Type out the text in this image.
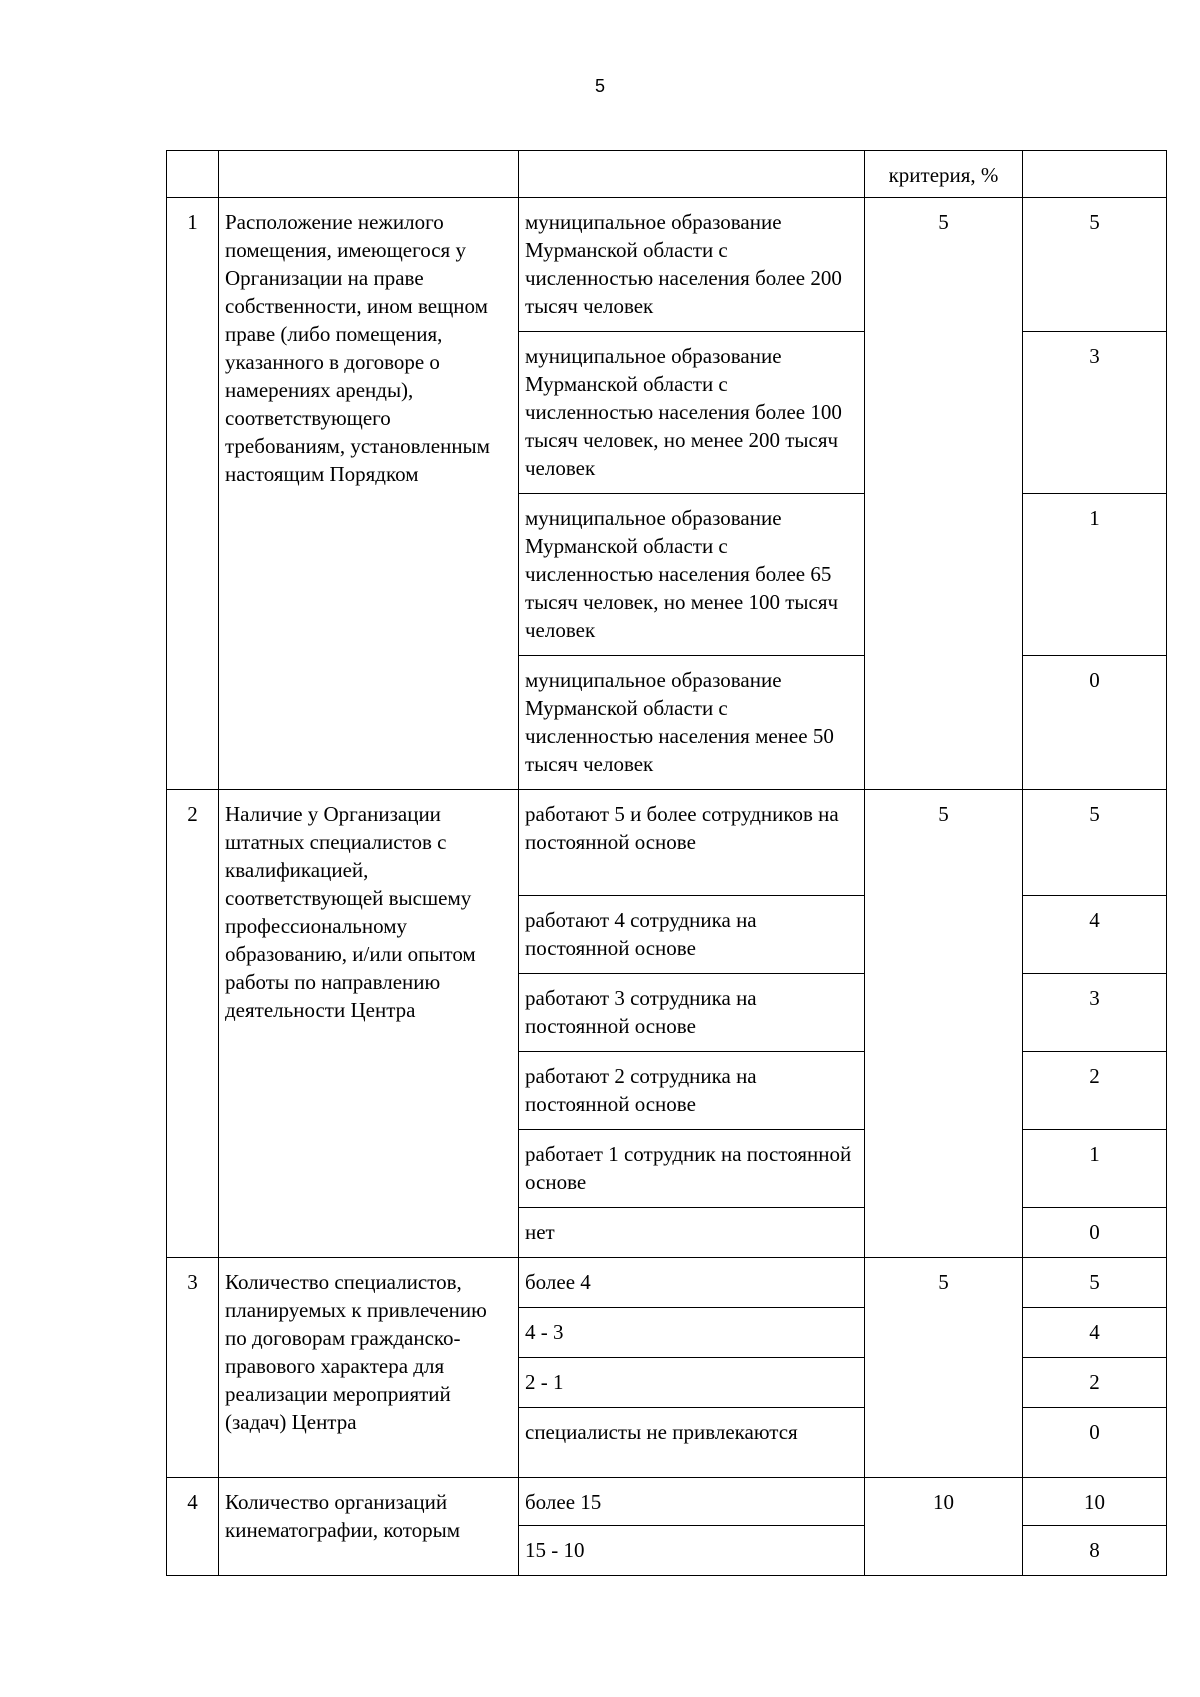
5
			критерия, %	
1	Расположение нежилого помещения, имеющегося у Организации на праве собственности, ином вещном праве (либо помещения, указанного в договоре о намерениях аренды), соответствующего требованиям, установленным настоящим Порядком	муниципальное образование Мурманской области с численностью населения более 200 тысяч человек	5	5
		муниципальное образование Мурманской области с численностью населения более 100 тысяч человек, но менее 200 тысяч человек		3
		муниципальное образование Мурманской области с численностью населения более 65 тысяч человек, но менее 100 тысяч человек		1
		муниципальное образование Мурманской области с численностью населения менее 50 тысяч человек		0
2	Наличие у Организации штатных специалистов с квалификацией, соответствующей высшему профессиональному образованию, и/или опытом работы по направлению деятельности Центра	работают 5 и более сотрудников на постоянной основе	5	5
		работают 4 сотрудника на постоянной основе		4
		работают 3 сотрудника на постоянной основе		3
		работают 2 сотрудника на постоянной основе		2
		работает 1 сотрудник на постоянной основе		1
		нет		0
3	Количество специалистов, планируемых к привлечению по договорам гражданско-правового характера для реализации мероприятий (задач) Центра	более 4	5	5
		4 - 3		4
		2 - 1		2
		специалисты не привлекаются		0
4	Количество организаций кинематографии, которым	более 15	10	10
		15 - 10		8
